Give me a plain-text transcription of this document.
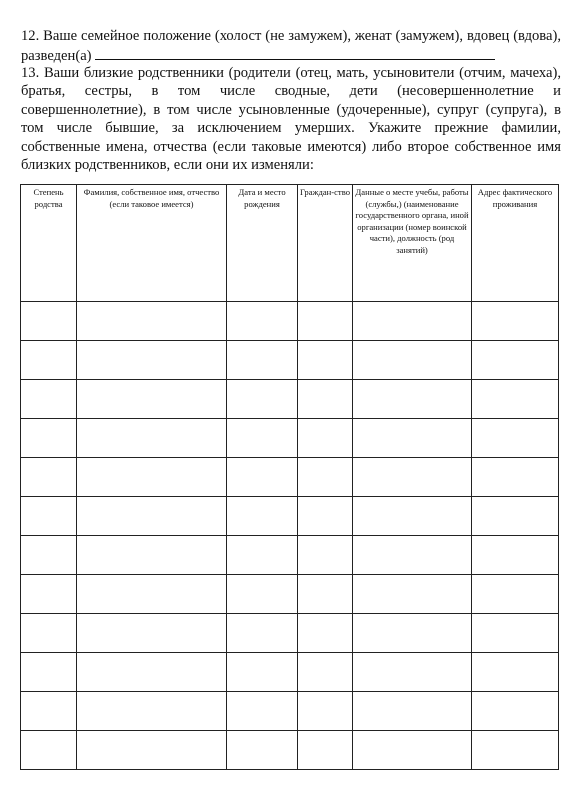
12. Ваше семейное положение (холост (не замужем), женат (замужем), вдовец (вдова), разведен(а)
13. Ваши близкие родственники (родители (отец, мать, усыновители (отчим, мачеха), братья, сестры, в том числе сводные, дети (несовершеннолетние и совершеннолетние), в том числе усыновленные (удочеренные), супруг (супруга), в том числе бывшие, за исключением умерших. Укажите прежние фамилии, собственные имена, отчества (если таковые имеются) либо второе собственное имя близких родственников, если они их изменяли:
Степень родства	Фамилия, собственное имя, отчество (если таковое имеется)	Дата и место рождения	Граждан-ство	Данные о месте учебы, работы (службы,) (наименование государственного органа, иной организации (номер воинской части), должность (род занятий)	Адрес фактического проживания
